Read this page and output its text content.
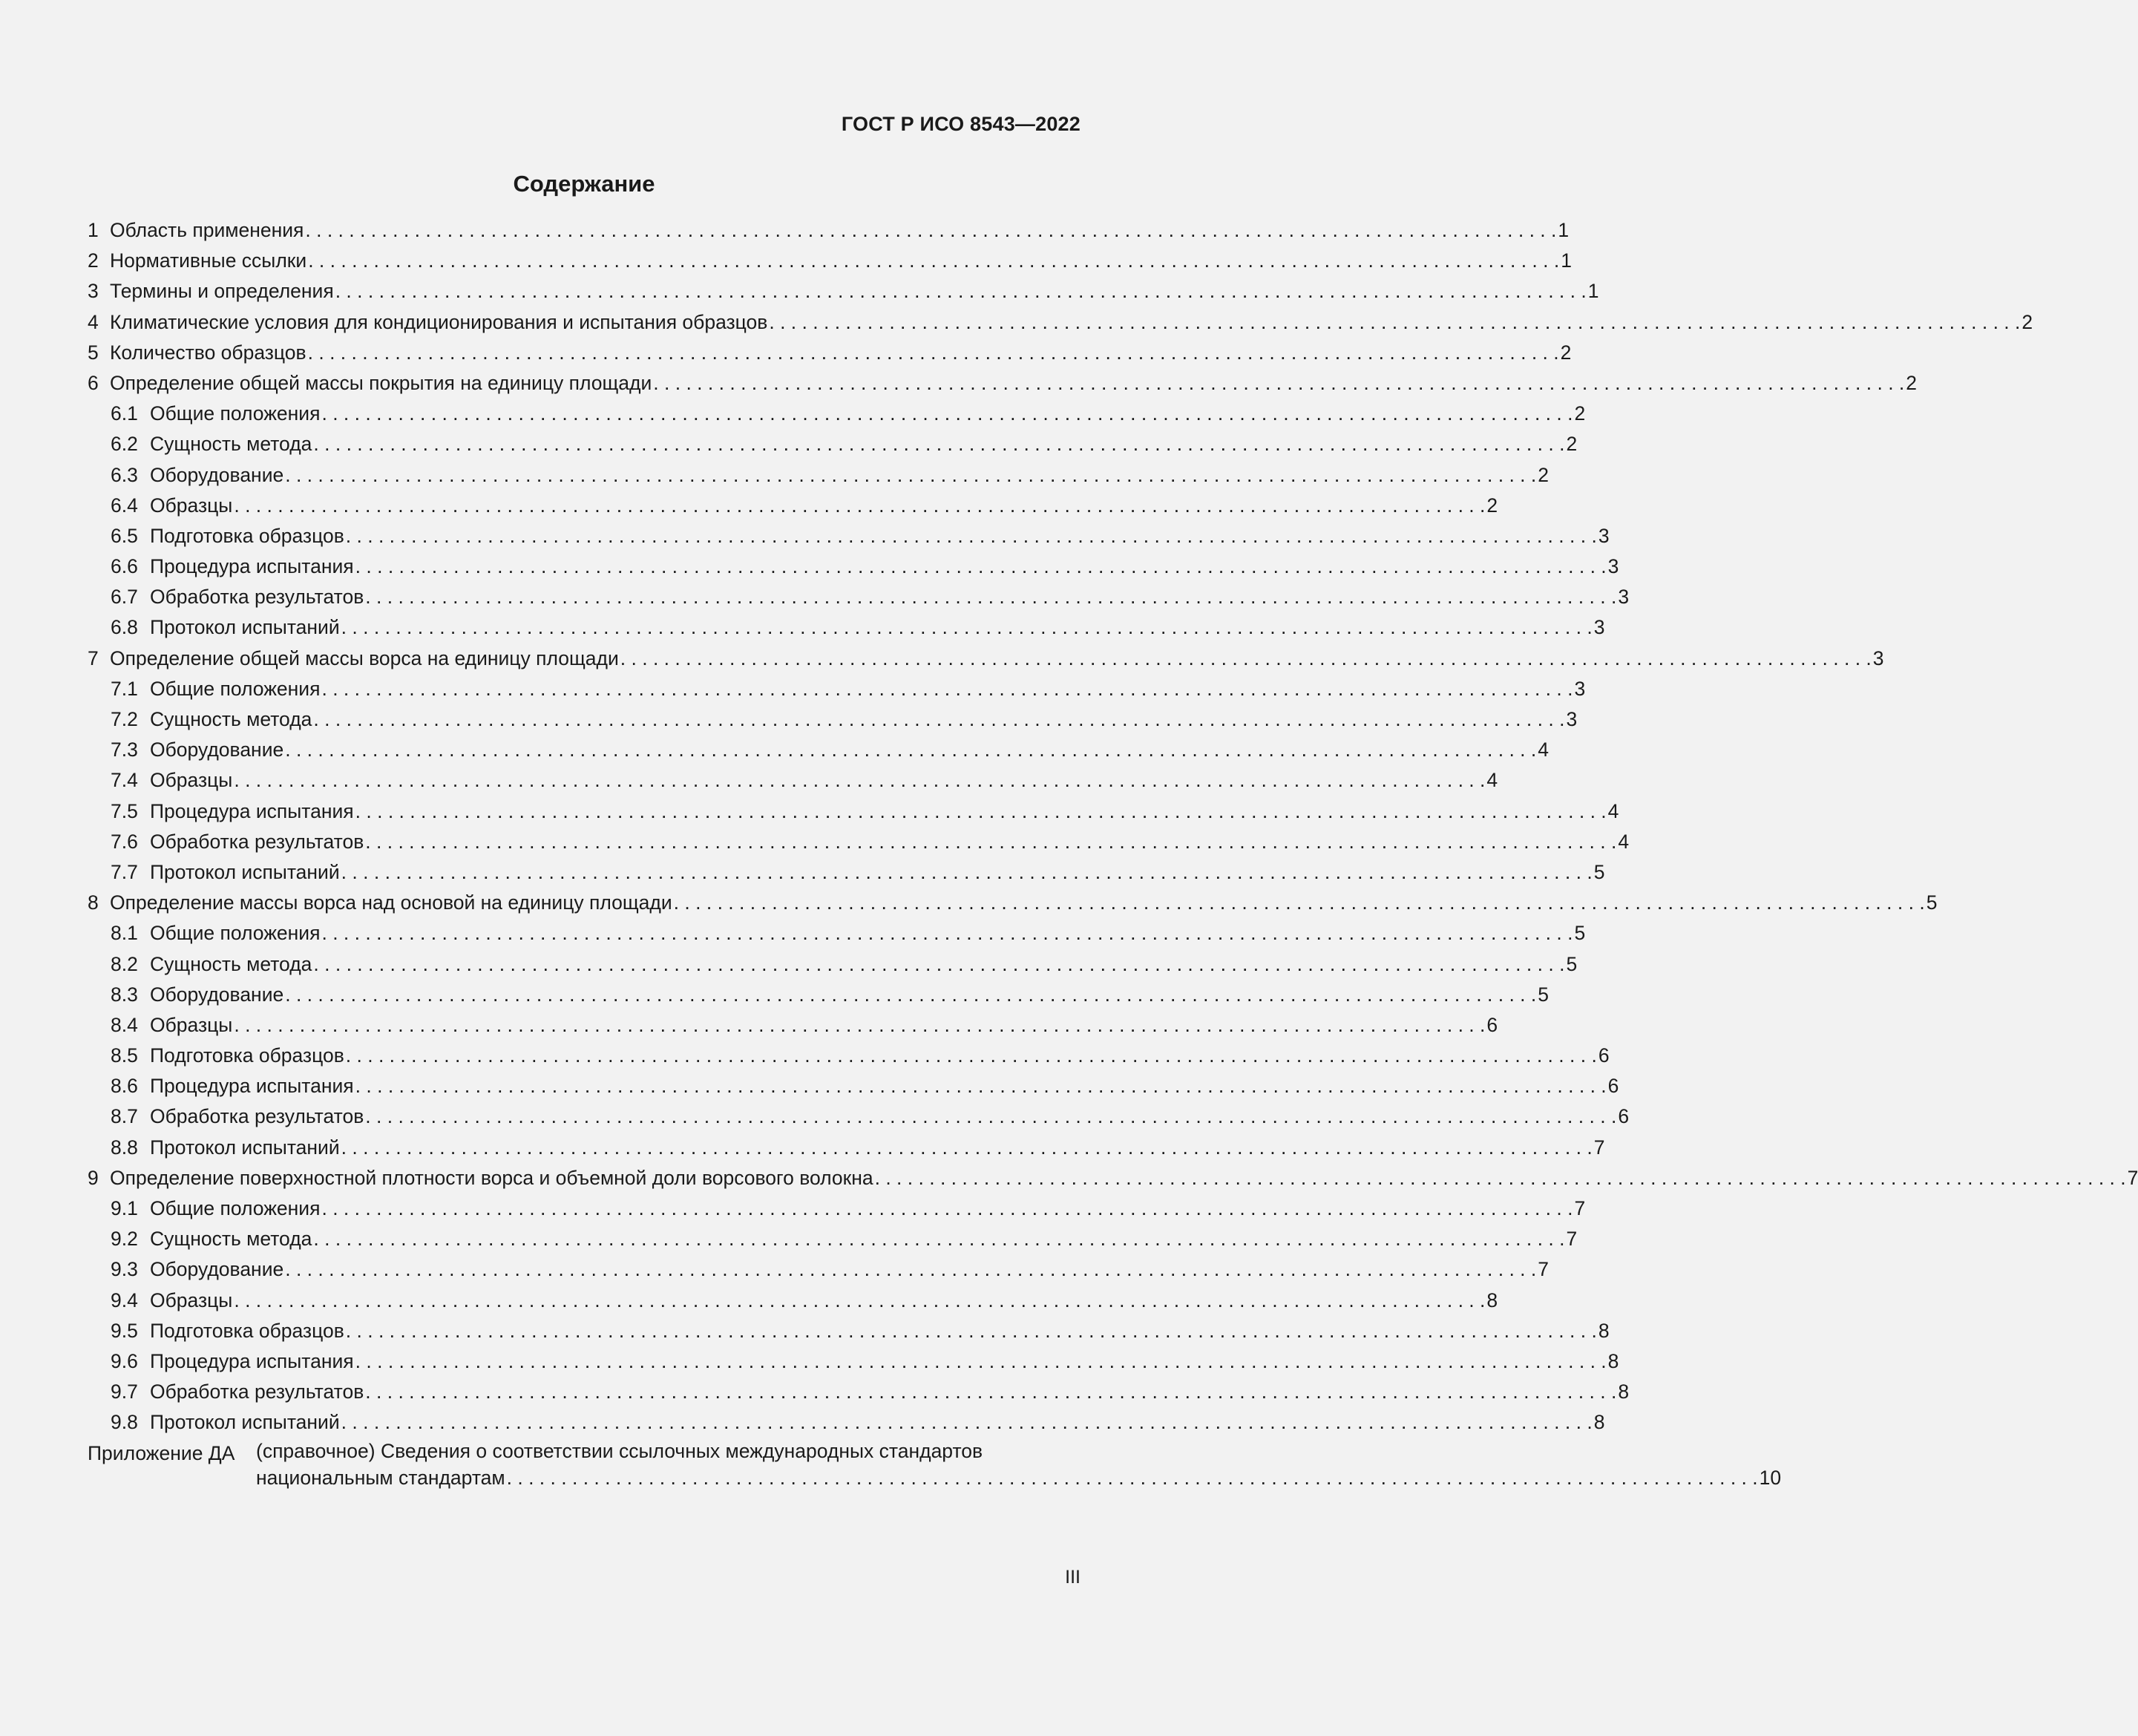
ГОСТ Р ИСО 8543—2022
Содержание
1 Область применения . . .	1
2 Нормативные ссылки . . .	1
3 Термины и определения . . .	1
4 Климатические условия для кондиционирования и испытания образцов . . .	2
5 Количество образцов . . .	2
6 Определение общей массы покрытия на единицу площади . . .	2
6.1 Общие положения . . .	2
6.2 Сущность метода . . .	2
6.3 Оборудование . . .	2
6.4 Образцы . . .	2
6.5 Подготовка образцов . . .	3
6.6 Процедура испытания . . .	3
6.7 Обработка результатов . . .	3
6.8 Протокол испытаний . . .	3
7 Определение общей массы ворса на единицу площади . . .	3
7.1 Общие положения . . .	3
7.2 Сущность метода . . .	3
7.3 Оборудование . . .	4
7.4 Образцы . . .	4
7.5 Процедура испытания . . .	4
7.6 Обработка результатов . . .	4
7.7 Протокол испытаний . . .	5
8 Определение массы ворса над основой на единицу площади . . .	5
8.1 Общие положения . . .	5
8.2 Сущность метода . . .	5
8.3 Оборудование . . .	5
8.4 Образцы . . .	6
8.5 Подготовка образцов . . .	6
8.6 Процедура испытания . . .	6
8.7 Обработка результатов . . .	6
8.8 Протокол испытаний . . .	7
9 Определение поверхностной плотности ворса и объемной доли ворсового волокна . . .	7
9.1 Общие положения . . .	7
9.2 Сущность метода . . .	7
9.3 Оборудование . . .	7
9.4 Образцы . . .	8
9.5 Подготовка образцов . . .	8
9.6 Процедура испытания . . .	8
9.7 Обработка результатов . . .	8
9.8 Протокол испытаний . . .	8
Приложение ДА	(справочное) Сведения о соответствии ссылочных международных стандартов
национальным стандартам . . .	10
III
